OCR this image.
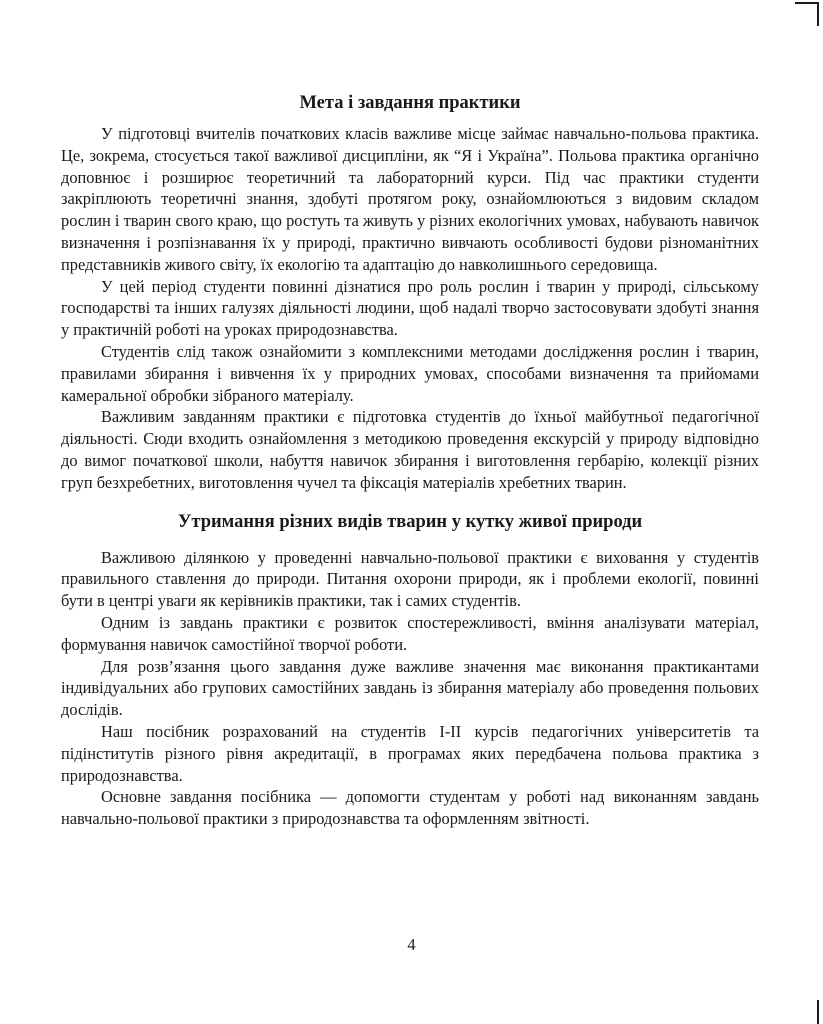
Мета і завдання практики

У підготовці вчителів початкових класів важливе місце займає навчально-польова практика. Це, зокрема, стосується такої важливої дисципліни, як “Я і Україна”. Польова практика органічно доповнює і розширює теоретичний та лабораторний курси. Під час практики студенти закріплюють теоретичні знання, здобуті протягом року, ознайомлюються з видовим складом рослин і тварин свого краю, що ростуть та живуть у різних екологічних умовах, набувають навичок визначення і розпізнавання їх у природі, практично вивчають особливості будови різноманітних представників живого світу, їх екологію та адаптацію до навколишнього середовища.

У цей період студенти повинні дізнатися про роль рослин і тварин у природі, сільському господарстві та інших галузях діяльності людини, щоб надалі творчо застосовувати здобуті знання у практичній роботі на уроках природознавства.

Студентів слід також ознайомити з комплексними методами дослідження рослин і тварин, правилами збирання і вивчення їх у природних умовах, способами визначення та прийомами камеральної обробки зібраного матеріалу.

Важливим завданням практики є підготовка студентів до їхньої майбутньої педагогічної діяльності. Сюди входить ознайомлення з методикою проведення екскурсій у природу відповідно до вимог початкової школи, набуття навичок збирання і виготовлення гербарію, колекції різних груп безхребетних, виготовлення чучел та фіксація матеріалів хребетних тварин.

Утримання різних видів тварин у кутку живої природи

Важливою ділянкою у проведенні навчально-польової практики є виховання у студентів правильного ставлення до природи. Питання охорони природи, як і проблеми екології, повинні бути в центрі уваги як керівників практики, так і самих студентів.

Одним із завдань практики є розвиток спостережливості, вміння аналізувати матеріал, формування навичок самостійної творчої роботи.

Для розв’язання цього завдання дуже важливе значення має виконання практикантами індивідуальних або групових самостійних завдань із збирання матеріалу або проведення польових дослідів.

Наш посібник розрахований на студентів I-II курсів педагогічних університетів та підінститутів різного рівня акредитації, в програмах яких передбачена польова практика з природознавства.

Основне завдання посібника — допомогти студентам у роботі над виконанням завдань навчально-польової практики з природознавства та оформленням звітності.

4
